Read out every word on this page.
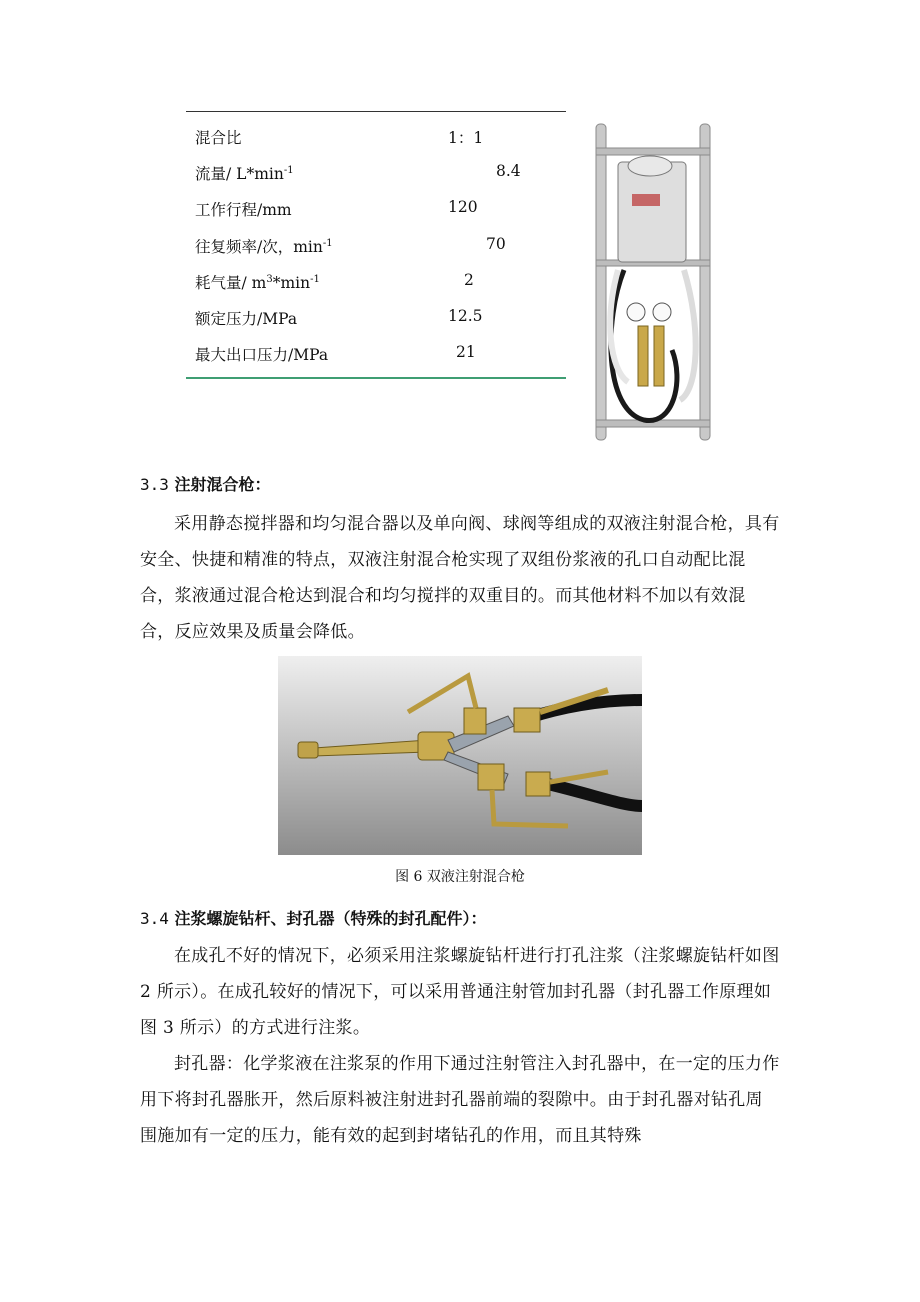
混合比	1：1
流量/ $L*\min^{-1}$	8.4
工作行程/mm	120
往复频率/次，$\min^{-1}$	70
耗气量/ $m^3*\min^{-1}$	2
额定压力/MPa	12.5
最大出口压力/MPa	21
3.3 注射混合枪：

采用静态搅拌器和均匀混合器以及单向阀、球阀等组成的双液注射混合枪，具有安全、快捷和精准的特点，双液注射混合枪实现了双组份浆液的孔口自动配比混合，浆液通过混合枪达到混合和均匀搅拌的双重目的。而其他材料不加以有效混合，反应效果及质量会降低。

图 6 双液注射混合枪
3.4 注浆螺旋钻杆、封孔器（特殊的封孔配件）：

在成孔不好的情况下，必须采用注浆螺旋钻杆进行打孔注浆（注浆螺旋钻杆如图 2 所示）。在成孔较好的情况下，可以采用普通注射管加封孔器（封孔器工作原理如图 3 所示）的方式进行注浆。

封孔器：化学浆液在注浆泵的作用下通过注射管注入封孔器中，在一定的压力作用下将封孔器胀开，然后原料被注射进封孔器前端的裂隙中。由于封孔器对钻孔周围施加有一定的压力，能有效的起到封堵钻孔的作用，而且其特殊
